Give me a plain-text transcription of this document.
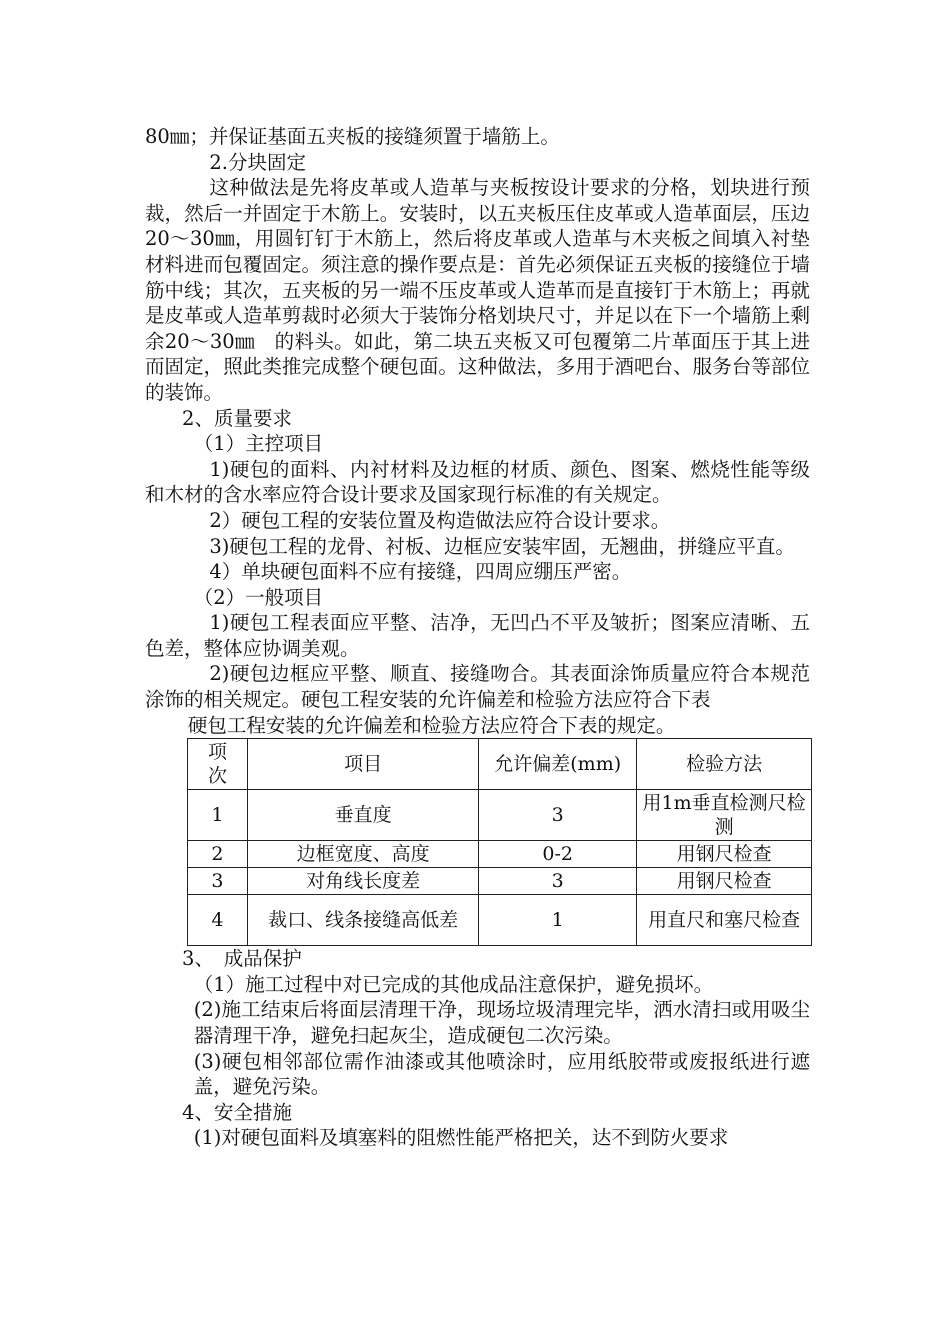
80㎜；并保证基面五夹板的接缝须置于墙筋上。

2.分块固定

这种做法是先将皮革或人造革与夹板按设计要求的分格，划块进行预裁，然后一并固定于木筋上。安装时，以五夹板压住皮革或人造革面层，压边20～30㎜，用圆钉钉于木筋上，然后将皮革或人造革与木夹板之间填入衬垫材料进而包覆固定。须注意的操作要点是：首先必须保证五夹板的接缝位于墙筋中线；其次，五夹板的另一端不压皮革或人造革而是直接钉于木筋上；再就是皮革或人造革剪裁时必须大于装饰分格划块尺寸，并足以在下一个墙筋上剩余20～30㎜　的料头。如此，第二块五夹板又可包覆第二片革面压于其上进而固定，照此类推完成整个硬包面。这种做法，多用于酒吧台、服务台等部位的装饰。

2、质量要求

（1）主控项目

1)硬包的面料、内衬材料及边框的材质、颜色、图案、燃烧性能等级和木材的含水率应符合设计要求及国家现行标准的有关规定。

2）硬包工程的安装位置及构造做法应符合设计要求。

3)硬包工程的龙骨、衬板、边框应安装牢固，无翘曲，拼缝应平直。

4）单块硬包面料不应有接缝，四周应绷压严密。

（2）一般项目

1)硬包工程表面应平整、洁净，无凹凸不平及皱折；图案应清晰、五色差，整体应协调美观。

2)硬包边框应平整、顺直、接缝吻合。其表面涂饰质量应符合本规范涂饰的相关规定。硬包工程安装的允许偏差和检验方法应符合下表

硬包工程安装的允许偏差和检验方法应符合下表的规定。

项
次	项目	允许偏差(mm)	检验方法
1	垂直度	3	用1m垂直检测尺检测
2	边框宽度、高度	0-2	用钢尺检查
3	对角线长度差	3	用钢尺检查
4	裁口、线条接缝高低差	1	用直尺和塞尺检查

3、　成品保护

（1）施工过程中对已完成的其他成品注意保护，避免损坏。

(2)施工结束后将面层清理干净，现场垃圾清理完毕，洒水清扫或用吸尘器清理干净，避免扫起灰尘，造成硬包二次污染。

(3)硬包相邻部位需作油漆或其他喷涂时，应用纸胶带或废报纸进行遮盖，避免污染。

4、安全措施

(1)对硬包面料及填塞料的阻燃性能严格把关，达不到防火要求
